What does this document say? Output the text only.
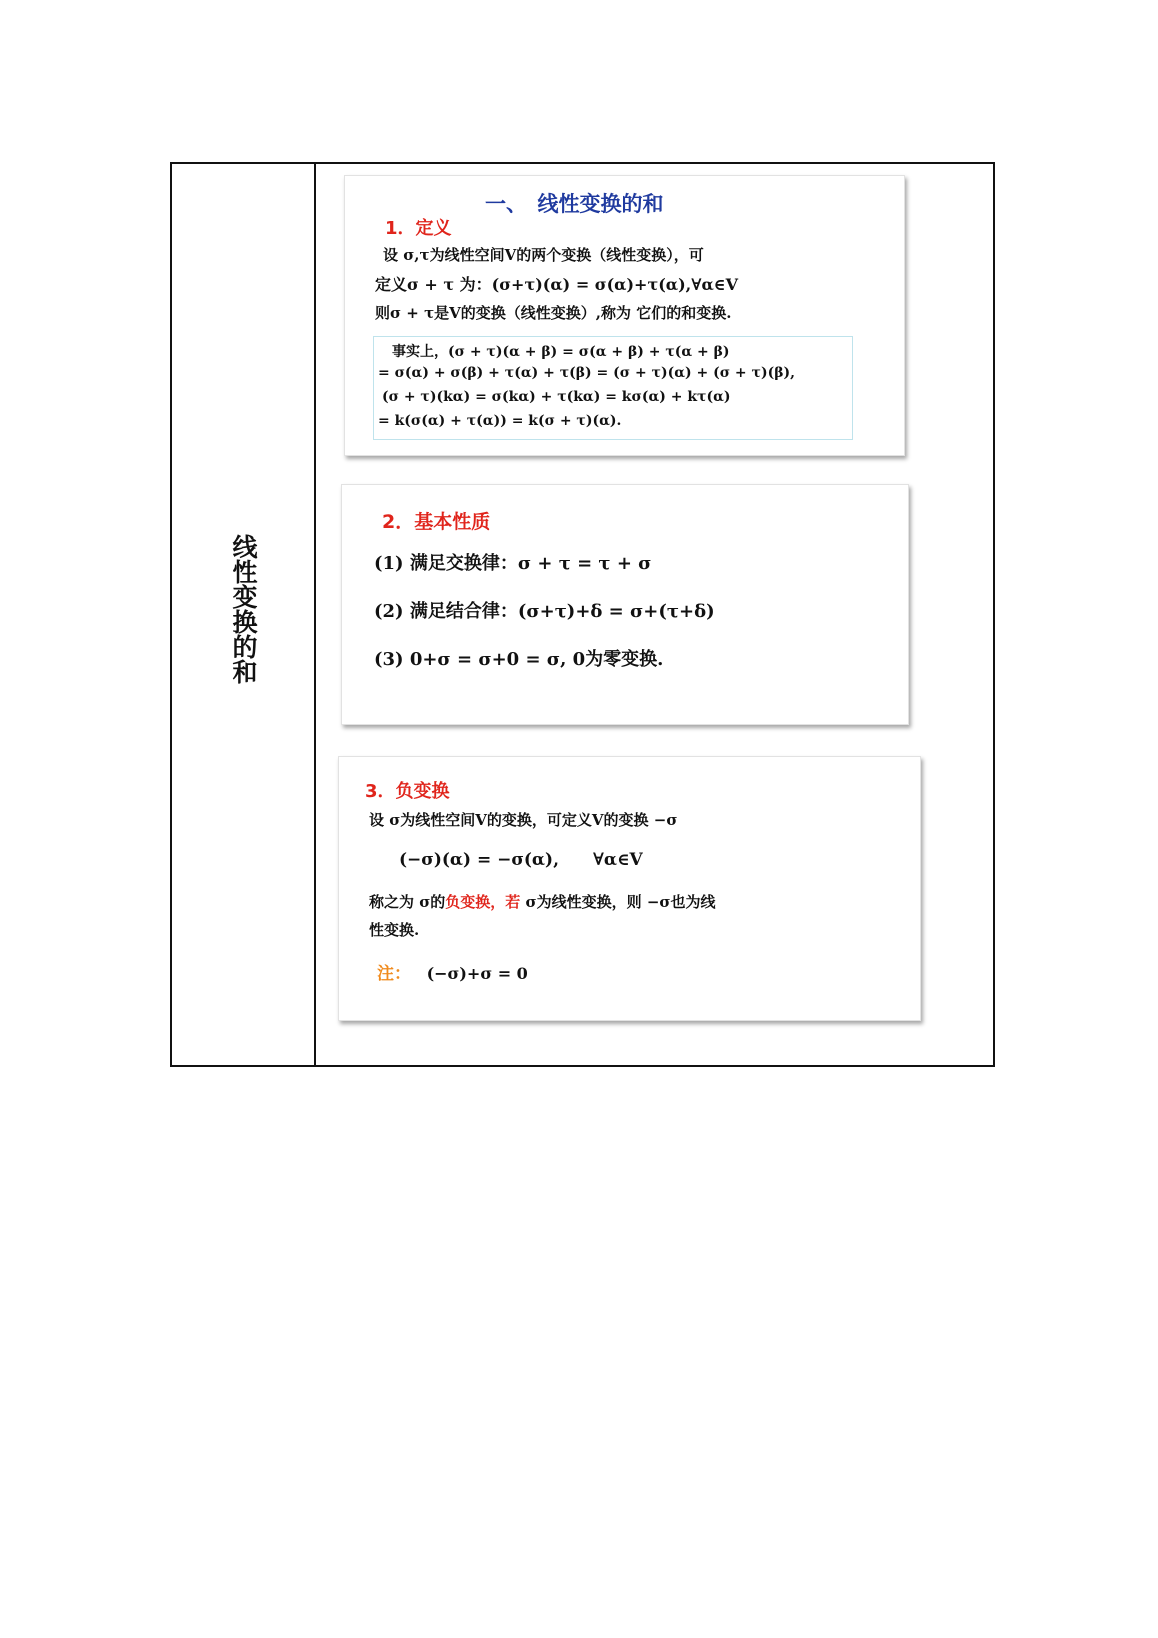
线性变换的和
一、　线性变换的和
1．定义
设 σ,τ为线性空间V的两个变换（线性变换），可
定义σ + τ 为：(σ+τ)(α) = σ(α)+τ(α),∀α∈V
则σ + τ是V的变换（线性变换）,称为 它们的和变换.
事实上，(σ + τ)(α + β) = σ(α + β) + τ(α + β)
= σ(α) + σ(β) + τ(α) + τ(β) = (σ + τ)(α) + (σ + τ)(β),
(σ + τ)(kα) = σ(kα) + τ(kα) = kσ(α) + kτ(α)
= k(σ(α) + τ(α)) = k(σ + τ)(α).
2．基本性质
(1) 满足交换律：σ + τ = τ + σ
(2) 满足结合律：(σ+τ)+δ = σ+(τ+δ)
(3) 0+σ = σ+0 = σ, 0为零变换.
3．负变换
设 σ为线性空间V的变换，可定义V的变换 −σ
(−σ)(α) = −σ(α),　　∀α∈V
称之为 σ的负变换，若 σ为线性变换，则 −σ也为线
性变换.
注： (−σ)+σ = 0
